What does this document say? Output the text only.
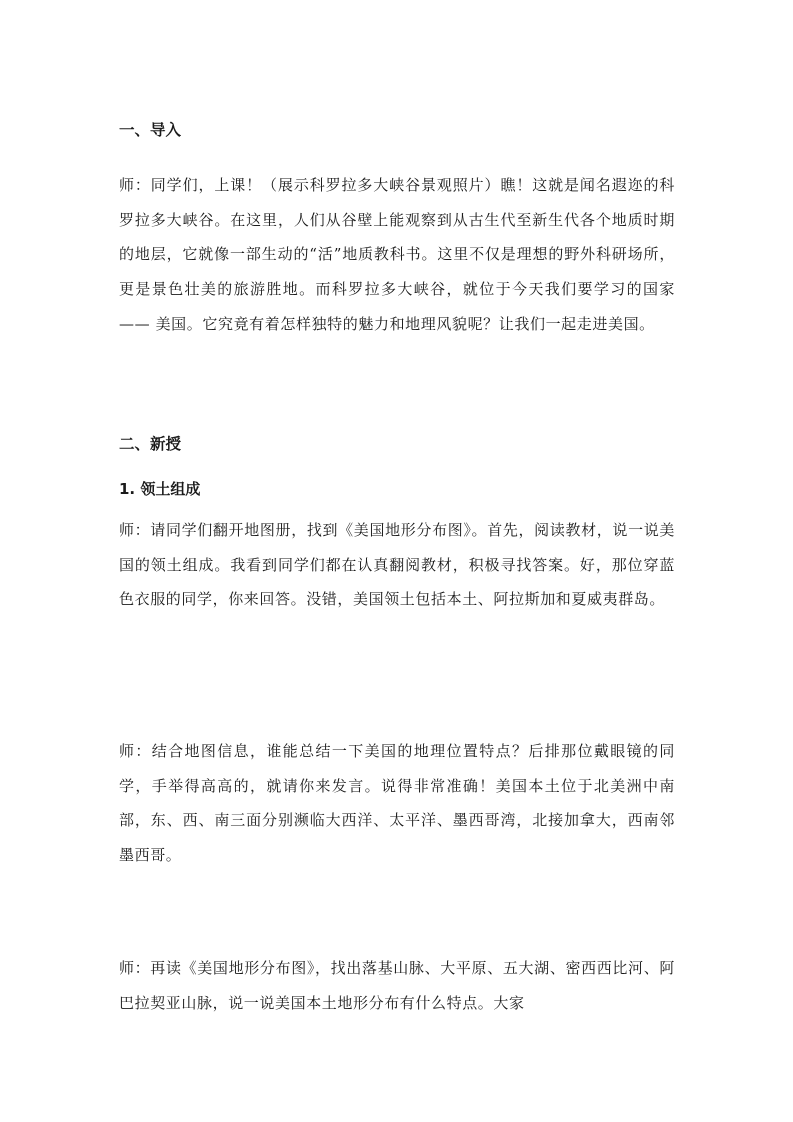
一、导入

师：同学们，上课！（展示科罗拉多大峡谷景观照片）瞧！这就是闻名遐迩的科罗拉多大峡谷。在这里，人们从谷壁上能观察到从古生代至新生代各个地质时期的地层，它就像一部生动的“活”地质教科书。这里不仅是理想的野外科研场所，更是景色壮美的旅游胜地。而科罗拉多大峡谷，就位于今天我们要学习的国家 —— 美国。它究竟有着怎样独特的魅力和地理风貌呢？让我们一起走进美国。

二、新授
1. 领土组成

师：请同学们翻开地图册，找到《美国地形分布图》。首先，阅读教材，说一说美国的领土组成。我看到同学们都在认真翻阅教材，积极寻找答案。好，那位穿蓝色衣服的同学，你来回答。没错，美国领土包括本土、阿拉斯加和夏威夷群岛。

师：结合地图信息，谁能总结一下美国的地理位置特点？后排那位戴眼镜的同学，手举得高高的，就请你来发言。说得非常准确！美国本土位于北美洲中南部，东、西、南三面分别濒临大西洋、太平洋、墨西哥湾，北接加拿大，西南邻墨西哥。

师：再读《美国地形分布图》，找出落基山脉、大平原、五大湖、密西西比河、阿巴拉契亚山脉，说一说美国本土地形分布有什么特点。大家
